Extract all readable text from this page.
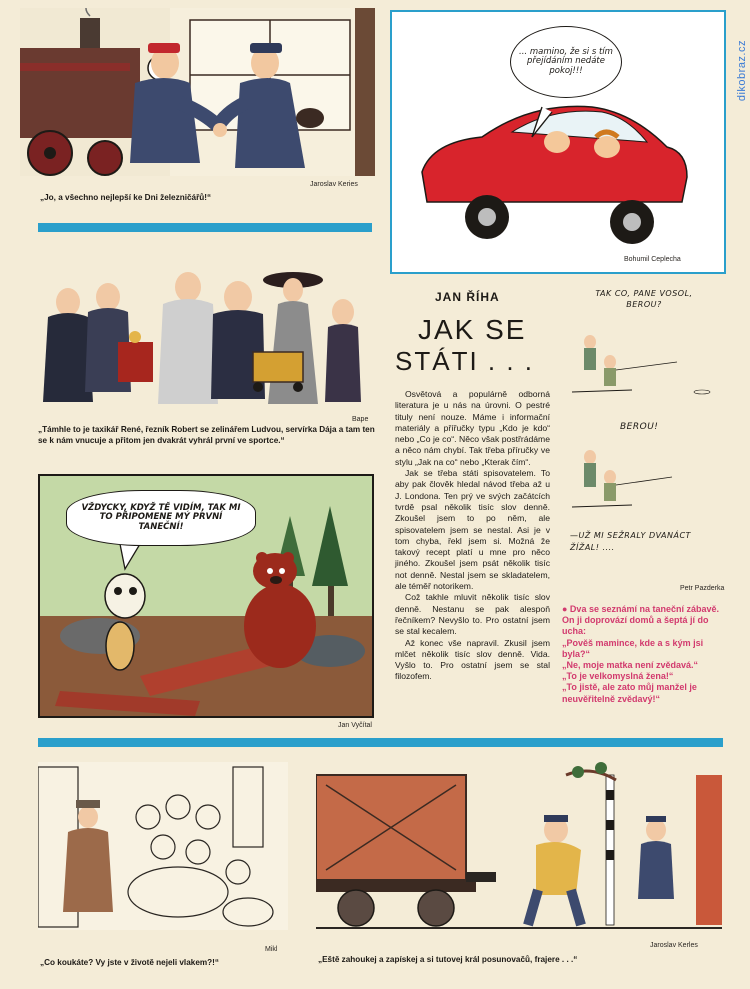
dikobraz.cz
Jaroslav Keries
„Jo, a všechno nejlepší ke Dni železničářů!“
... mamino, že si s tím přejídáním nedáte pokoj!!!
Bohumil Ceplecha
Bape
„Támhle to je taxikář René, řezník Robert se zelinářem Ludvou, servírka Dája a tam ten se k nám vnucuje a přitom jen dvakrát vyhrál první ve sportce.“
VŽDYCKY, KDYŽ TĚ VIDÍM, TAK MI TO PŘIPOMENE MÝ PRVNÍ TANEČNÍ!
Jan Vyčítal
JAN ŘÍHA
JAK SE
STÁTI . . .

Osvětová a populárně odborná literatura je u nás na úrovni. O pestré tituly není nouze. Máme i informační materiály a přířučky typu „Kdo je kdo“ nebo „Co je co“. Něco však postřrádáme a něco nám chybí. Tak třeba příručky ve stylu „Jak na co“ nebo „Kterak čím“.

Jak se třeba státi spisovatelem. To aby pak člověk hledal návod třeba až u J. Londona. Ten prý ve svých začátcích tvrdě psal několik tisíc slov denně. Zkoušel jsem to po něm, ale spisovatelem jsem se nestal. Asi je v tom chyba, řekl jsem si. Možná že takový recept platí u mne pro něco jiného. Zkoušel jsem psát několik tisíc not denně. Nestal jsem se skladatelem, ale téměř notorikem.

Což takhle mluvit několik tisíc slov denně. Nestanu se pak alespoň řečníkem? Nevyšlo to. Pro ostatní jsem se stal kecalem.

Až konec vše napravil. Zkusil jsem mlčet několik tisíc slov denně. Vida. Vyšlo to. Pro ostatní jsem se stal filozofem.

TAK CO, PANE VOSOL, BEROU?
BEROU!
—UŽ MI SEŽRALY DVANÁCT ŽÍŽAL! ....
Petr Pazderka

● Dva se seznámí na taneční zábavě. On ji doprovází domů a šeptá jí do ucha:

„Pověš mamince, kde a s kým jsi byla?“

„Ne, moje matka není zvědavá.“

„To je velkomyslná žena!“

„To jistě, ale zato můj manžel je neuvěřitelně zvědavý!“

Mikl
„Co koukáte? Vy jste v životě nejeli vlakem?!“
Jaroslav Kerles
„Eště zahoukej a zapískej a si tutovej král posunovačů, frajere . . .“
